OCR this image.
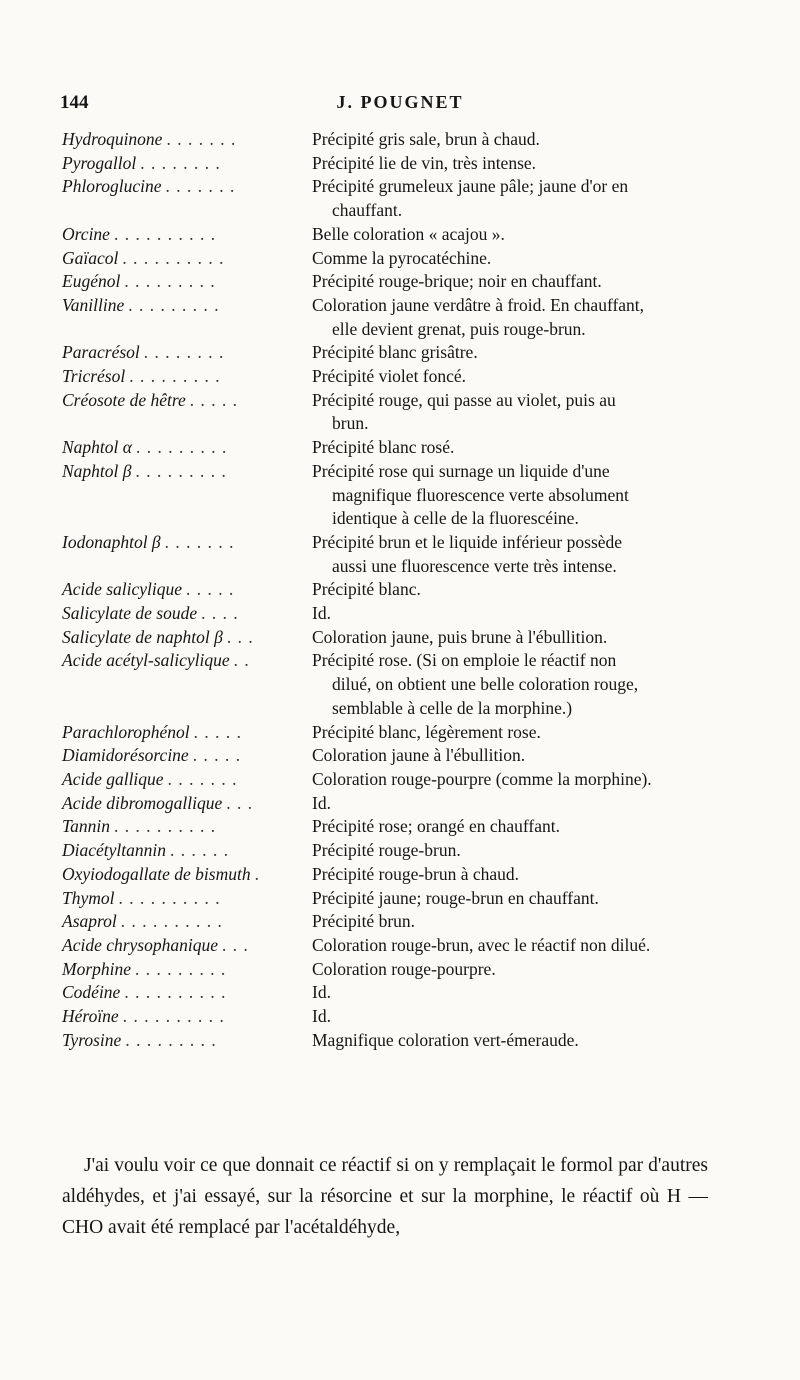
144	J. POUGNET
Hydroquinone . . . . . . .	Précipité gris sale, brun à chaud.
Pyrogallol . . . . . . . .	Précipité lie de vin, très intense.
Phloroglucine . . . . . . .	Précipité grumeleux jaune pâle; jaune d'or en

chauffant.
Orcine . . . . . . . . . .	Belle coloration « acajou ».
Gaïacol . . . . . . . . . .	Comme la pyrocatéchine.
Eugénol . . . . . . . . .	Précipité rouge-brique; noir en chauffant.
Vanilline . . . . . . . . .	Coloration jaune verdâtre à froid. En chauffant,

elle devient grenat, puis rouge-brun.
Paracrésol . . . . . . . .	Précipité blanc grisâtre.
Tricrésol . . . . . . . . .	Précipité violet foncé.
Créosote de hêtre . . . . .	Précipité rouge, qui passe au violet, puis au

brun.
Naphtol α . . . . . . . . .	Précipité blanc rosé.
Naphtol β . . . . . . . . .	Précipité rose qui surnage un liquide d'une

magnifique fluorescence verte absolument
identique à celle de la fluorescéine.
Iodonaphtol β . . . . . . .	Précipité brun et le liquide inférieur possède

aussi une fluorescence verte très intense.
Acide salicylique . . . . .	Précipité blanc.
Salicylate de soude . . . .	Id.
Salicylate de naphtol β . . .	Coloration jaune, puis brune à l'ébullition.
Acide acétyl-salicylique . .	Précipité rose. (Si on emploie le réactif non

dilué, on obtient une belle coloration rouge,
semblable à celle de la morphine.)
Parachlorophénol . . . . .	Précipité blanc, légèrement rose.
Diamidorésorcine . . . . .	Coloration jaune à l'ébullition.
Acide gallique . . . . . . .	Coloration rouge-pourpre (comme la morphine).
Acide dibromogallique . . .	Id.
Tannin . . . . . . . . . .	Précipité rose; orangé en chauffant.
Diacétyltannin . . . . . .	Précipité rouge-brun.
Oxyiodogallate de bismuth .	Précipité rouge-brun à chaud.
Thymol . . . . . . . . . .	Précipité jaune; rouge-brun en chauffant.
Asaprol . . . . . . . . . .	Précipité brun.
Acide chrysophanique . . .	Coloration rouge-brun, avec le réactif non dilué.
Morphine . . . . . . . . .	Coloration rouge-pourpre.
Codéine . . . . . . . . . .	Id.
Héroïne . . . . . . . . . .	Id.
Tyrosine . . . . . . . . .	Magnifique coloration vert-émeraude.

J'ai voulu voir ce que donnait ce réactif si on y remplaçait le formol par d'autres aldéhydes, et j'ai essayé, sur la résorcine et sur la morphine, le réactif où H — CHO avait été remplacé par l'acétaldéhyde,
